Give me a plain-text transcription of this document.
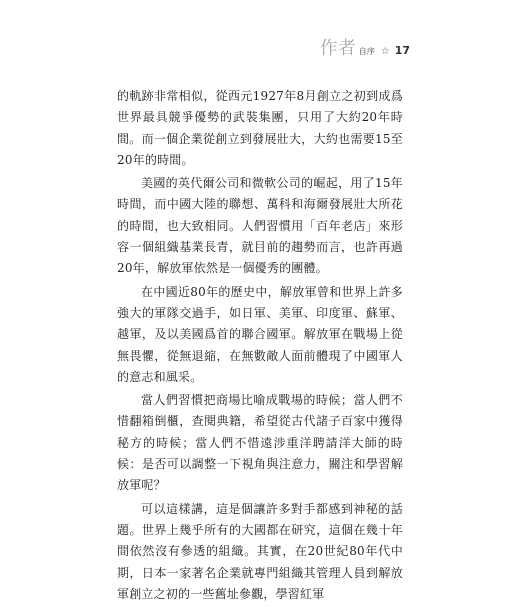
作者 自序 ☆ 17

的軌跡非常相似，從西元1927年8月創立之初到成爲世界最具競爭優勢的武裝集團，只用了大約20年時間。而一個企業從創立到發展壯大，大約也需要15至20年的時間。

美國的英代爾公司和微軟公司的崛起，用了15年時間，而中國大陸的聯想、萬科和海爾發展壯大所花的時間，也大致相同。人們習慣用「百年老店」來形容一個組織基業長青，就目前的趨勢而言，也許再過20年，解放軍依然是一個優秀的團體。

在中國近80年的歷史中，解放軍曾和世界上許多強大的軍隊交過手，如日軍、美軍、印度軍、蘇軍、越軍，及以美國爲首的聯合國軍。解放軍在戰場上從無畏懼，從無退縮，在無數敵人面前體現了中國軍人的意志和風采。

當人們習慣把商場比喻成戰場的時候；當人們不惜翻箱倒櫃，查閱典籍，希望從古代諸子百家中獲得秘方的時候；當人們不惜遠涉重洋聘請洋大師的時候：是否可以調整一下視角與注意力，關注和學習解放軍呢？

可以這樣講，這是個讓許多對手都感到神秘的話題。世界上幾乎所有的大國都在研究，這個在幾十年間依然沒有參透的組織。其實，在20世紀80年代中期，日本一家著名企業就專門組織其管理人員到解放軍創立之初的一些舊址參觀，學習紅軍
